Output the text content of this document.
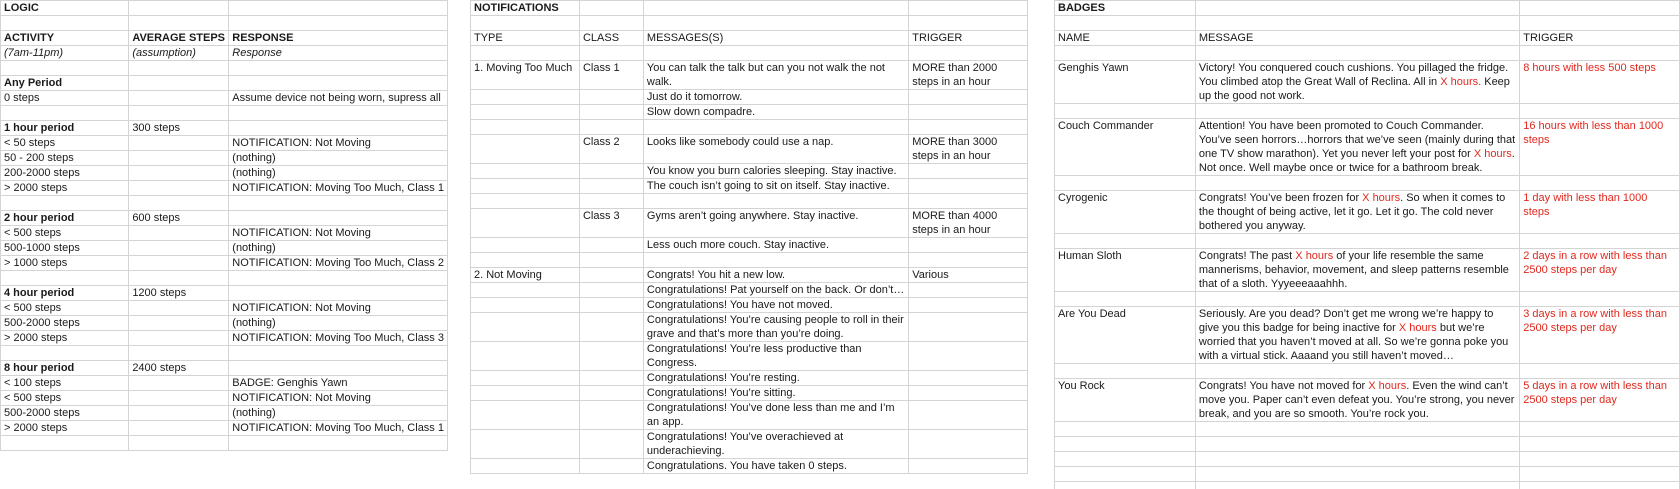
LOGIC		

ACTIVITY	AVERAGE STEPS	RESPONSE
(7am-11pm)	(assumption)	Response

Any Period		
0 steps		Assume device not being worn, supress all

1 hour period	300 steps	
< 50 steps		NOTIFICATION: Not Moving
50 - 200 steps		(nothing)
200-2000 steps		(nothing)
> 2000 steps		NOTIFICATION: Moving Too Much, Class 1

2 hour period	600 steps	
< 500 steps		NOTIFICATION: Not Moving
500-1000 steps		(nothing)
> 1000 steps		NOTIFICATION: Moving Too Much, Class 2

4 hour period	1200 steps	
< 500 steps		NOTIFICATION: Not Moving
500-2000 steps		(nothing)
> 2000 steps		NOTIFICATION: Moving Too Much, Class 3

8 hour period	2400 steps	
< 100 steps		BADGE: Genghis Yawn
< 500 steps		NOTIFICATION: Not Moving
500-2000 steps		(nothing)
> 2000 steps		NOTIFICATION: Moving Too Much, Class 1

NOTIFICATIONS			

TYPE	CLASS	MESSAGES(S)	TRIGGER

1. Moving Too Much	Class 1	You can talk the talk but can you not walk the not walk.	MORE than 2000 steps in an hour
		Just do it tomorrow.	
		Slow down compadre.	

	Class 2	Looks like somebody could use a nap.	MORE than 3000 steps in an hour
		You know you burn calories sleeping. Stay inactive.	
		The couch isn’t going to sit on itself. Stay inactive.	

	Class 3	Gyms aren’t going anywhere. Stay inactive.	MORE than 4000 steps in an hour
		Less ouch more couch. Stay inactive.	

2. Not Moving		Congrats! You hit a new low.	Various
		Congratulations! Pat yourself on the back. Or don’t…	
		Congratulations! You have not moved.	
		Congratulations! You’re causing people to roll in their grave and that’s more than you’re doing.	
		Congratulations! You’re less productive than Congress.	
		Congratulations! You’re resting.	
		Congratulations! You’re sitting.	
		Congratulations! You’ve done less than me and I’m an app.	
		Congratulations! You’ve overachieved at underachieving.	
		Congratulations. You have taken 0 steps.	
BADGES		

NAME	MESSAGE	TRIGGER

Genghis Yawn	Victory! You conquered couch cushions. You pillaged the fridge. You climbed atop the Great Wall of Reclina. All in X hours. Keep up the good not work.	8 hours with less 500 steps

Couch Commander	Attention! You have been promoted to Couch Commander. You’ve seen horrors…horrors that we’ve seen (mainly during that one TV show marathon). Yet you never left your post for X hours. Not once. Well maybe once or twice for a bathroom break.	16 hours with less than 1000 steps

Cyrogenic	Congrats! You’ve been frozen for X hours. So when it comes to the thought of being active, let it go. Let it go. The cold never bothered you anyway.	1 day with less than 1000 steps

Human Sloth	Congrats! The past X hours of your life resemble the same mannerisms, behavior, movement, and sleep patterns resemble that of a sloth. Yyyeeeaaahhh.	2 days in a row with less than 2500 steps per day

Are You Dead	Seriously. Are you dead? Don’t get me wrong we’re happy to give you this badge for being inactive for X hours but we’re worried that you haven’t moved at all. So we’re gonna poke you with a virtual stick. Aaaand you still haven’t moved…	3 days in a row with less than 2500 steps per day

You Rock	Congrats! You have not moved for X hours. Even the wind can’t move you. Paper can’t even defeat you. You’re strong, you never break, and you are so smooth. You’re rock you.	5 days in a row with less than 2500 steps per day
